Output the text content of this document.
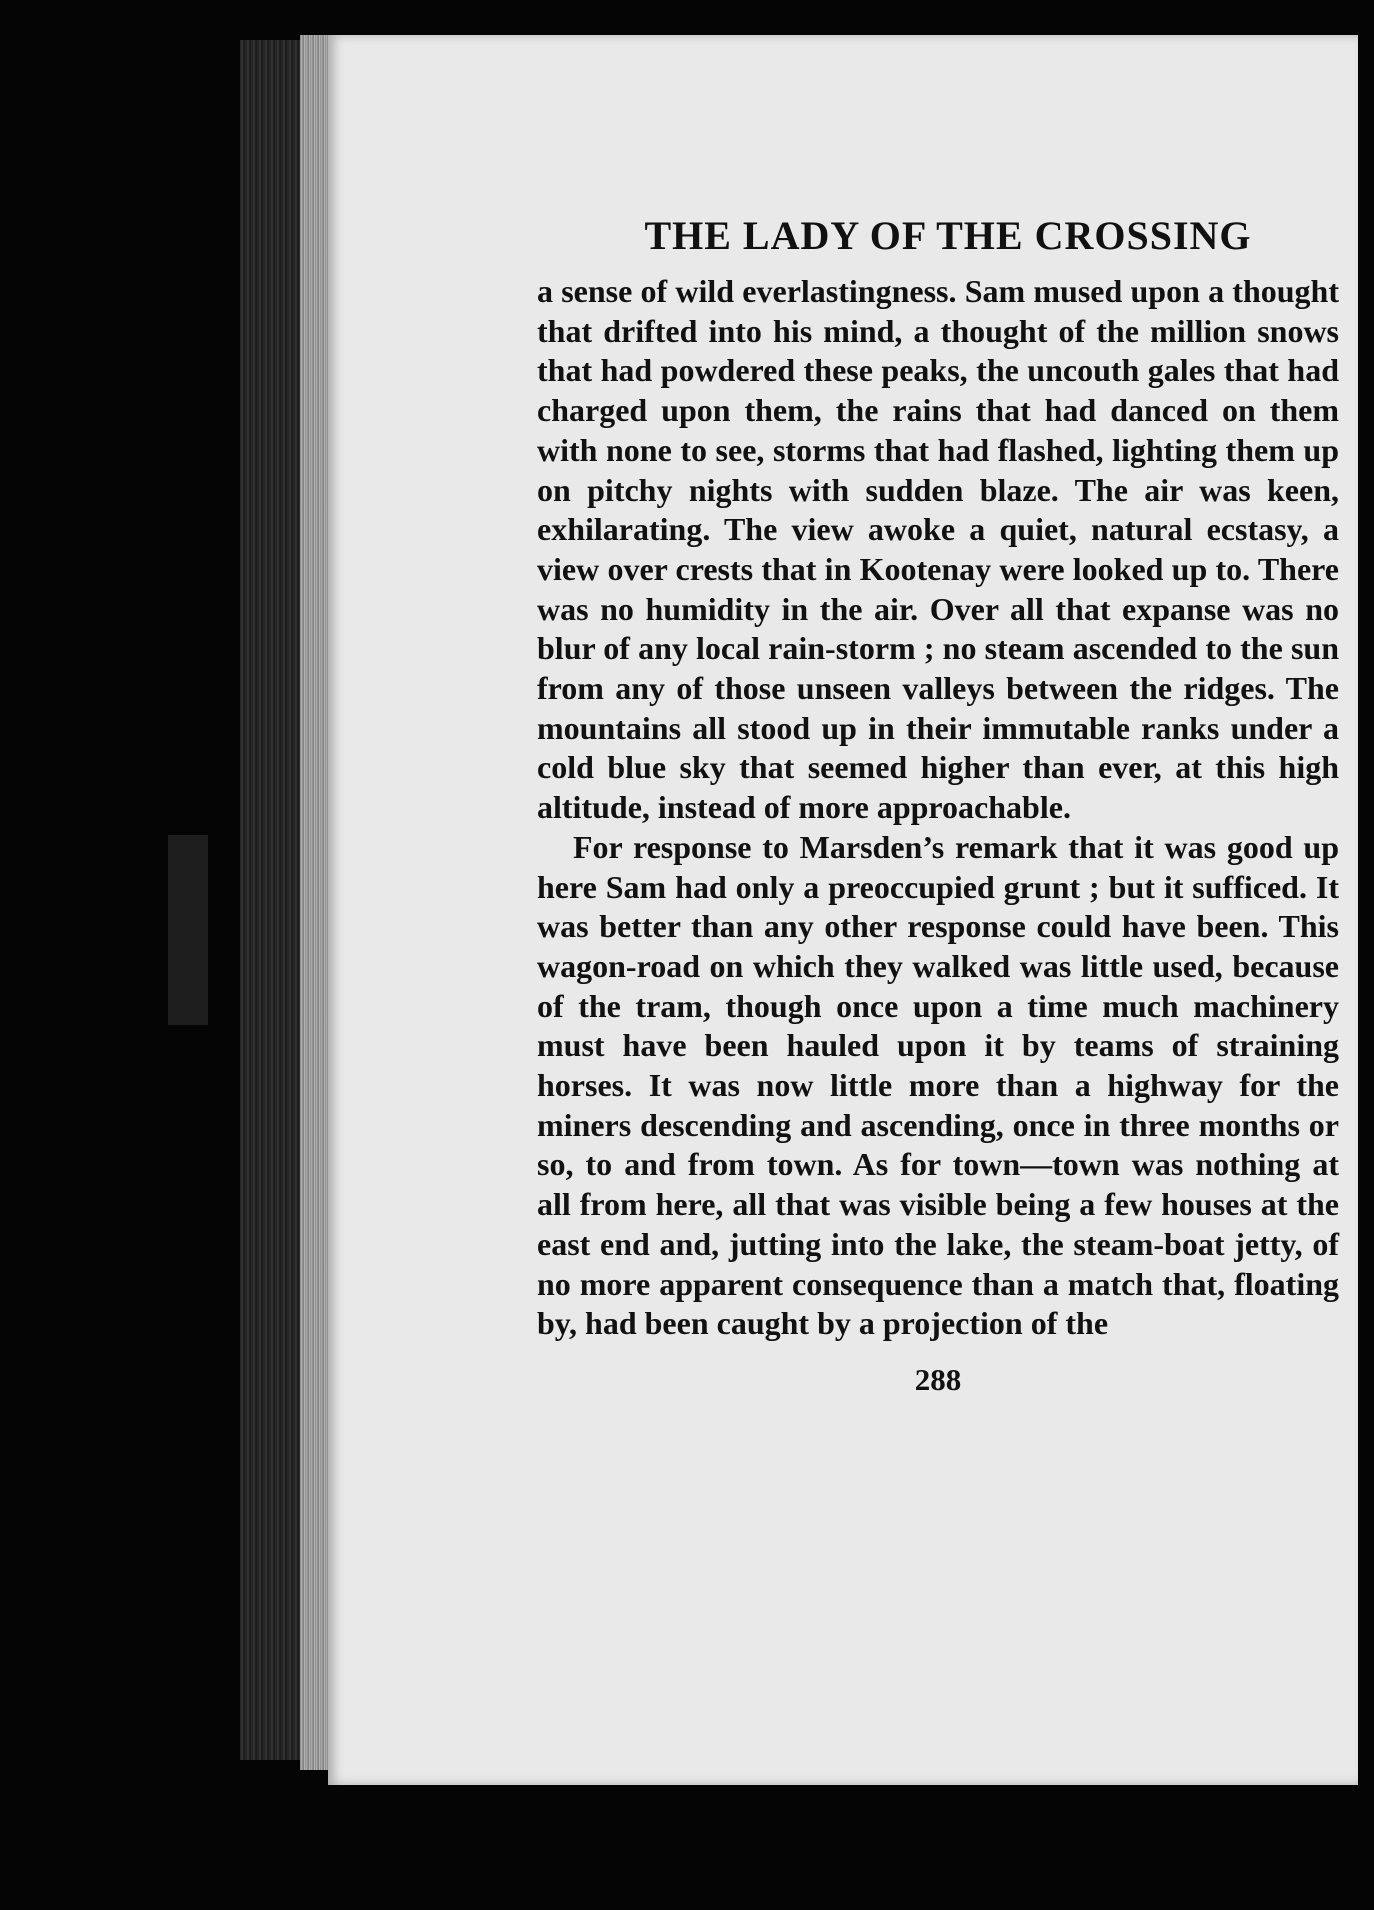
THE LADY OF THE CROSSING

a sense of wild everlastingness. Sam mused upon a thought that drifted into his mind, a thought of the million snows that had powdered these peaks, the uncouth gales that had charged upon them, the rains that had danced on them with none to see, storms that had flashed, lighting them up on pitchy nights with sudden blaze. The air was keen, exhilarating. The view awoke a quiet, natural ecstasy, a view over crests that in Kootenay were looked up to. There was no humidity in the air. Over all that expanse was no blur of any local rain-storm ; no steam ascended to the sun from any of those unseen valleys between the ridges. The mountains all stood up in their immutable ranks under a cold blue sky that seemed higher than ever, at this high altitude, instead of more approachable.

For response to Marsden’s remark that it was good up here Sam had only a preoccupied grunt ; but it sufficed. It was better than any other response could have been. This wagon-road on which they walked was little used, because of the tram, though once upon a time much machinery must have been hauled upon it by teams of straining horses. It was now little more than a highway for the miners descending and ascending, once in three months or so, to and from town. As for town—town was nothing at all from here, all that was visible being a few houses at the east end and, jutting into the lake, the steam-boat jetty, of no more apparent consequence than a match that, floating by, had been caught by a projection of the

288
